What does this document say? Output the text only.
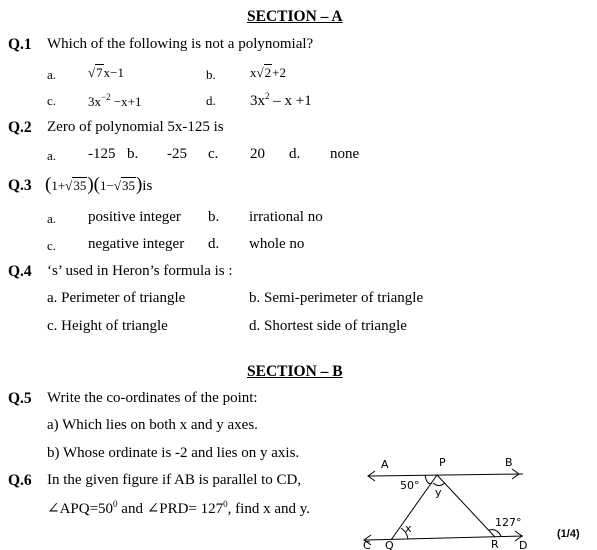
SECTION – A
Q.1 Which of the following is not a polynomial?
a. √7x−1	b.	x√2+2
c. $3x^{-2} -x+1$	d. $3x^2 - x +1$
Q.2 Zero of polynomial 5x-125 is
a. -125 b. -25 c. 20 d. none
Q.3 (1+√35)(1−√35)is
a. positive integer b. irrational no
c. negative integer d. whole no
Q.4 ‘s’ used in Heron’s formula is :
a. Perimeter of triangle	b. Semi-perimeter of triangle
c. Height of triangle	d. Shortest side of triangle
SECTION – B
Q.5 Write the co-ordinates of the point:
a) Which lies on both x and y axes.
b) Whose ordinate is -2 and lies on y axis.
Q.6 In the given figure if AB is parallel to CD,
$\angle APQ=50^0$ and ∠PRD= $127^0$, find x and y.
A	P	B
C Q	R D
50°
y
x	127°
(1/4)
